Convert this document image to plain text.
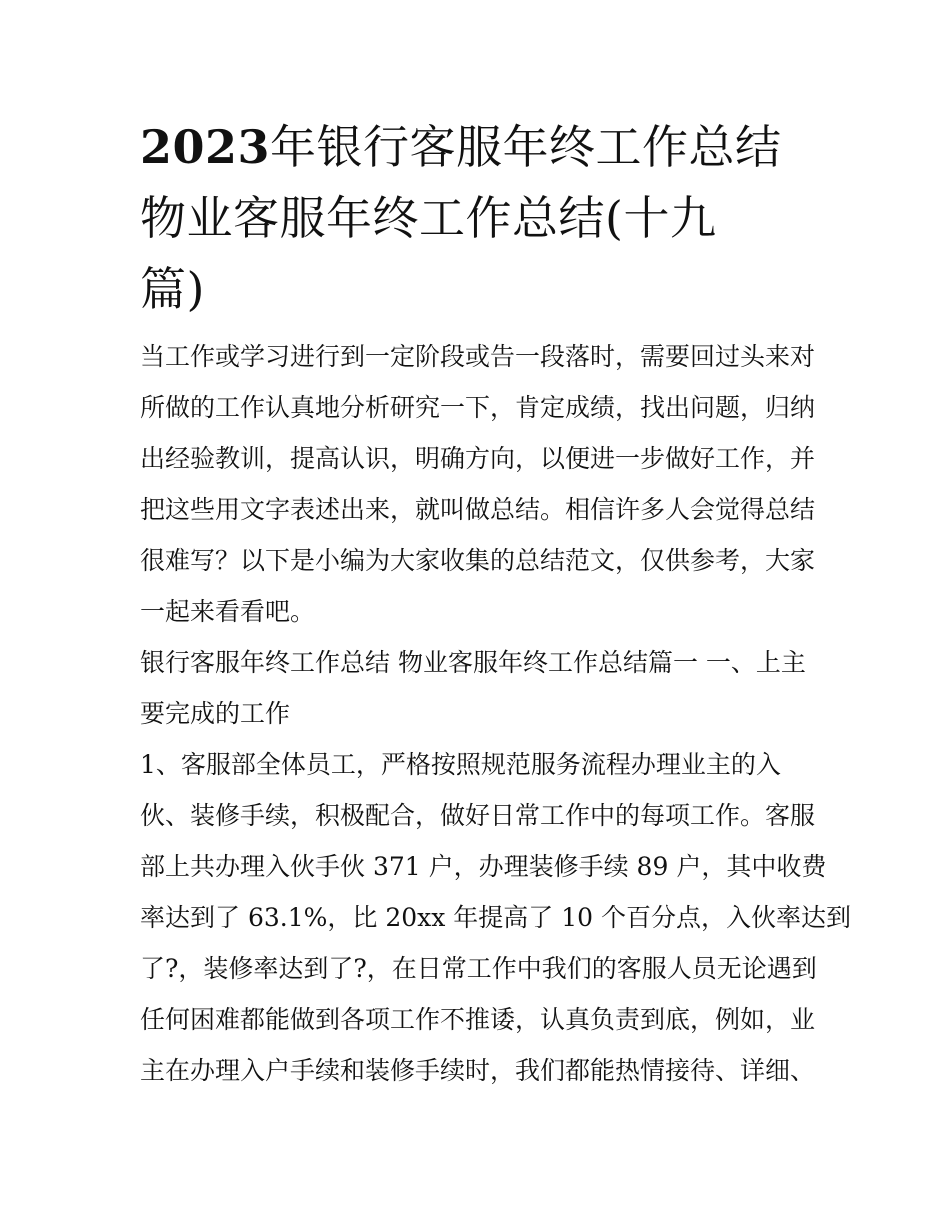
2023年银行客服年终工作总结
物业客服年终工作总结(十九
篇)
当工作或学习进行到一定阶段或告一段落时，需要回过头来对
所做的工作认真地分析研究一下，肯定成绩，找出问题，归纳
出经验教训，提高认识，明确方向，以便进一步做好工作，并
把这些用文字表述出来，就叫做总结。相信许多人会觉得总结
很难写？以下是小编为大家收集的总结范文，仅供参考，大家
一起来看看吧。
银行客服年终工作总结 物业客服年终工作总结篇一 一、上主
要完成的工作
1、客服部全体员工，严格按照规范服务流程办理业主的入
伙、装修手续，积极配合，做好日常工作中的每项工作。客服
部上共办理入伙手伙 371 户，办理装修手续 89 户，其中收费
率达到了 63.1%，比 20xx 年提高了 10 个百分点，入伙率达到
了?，装修率达到了?，在日常工作中我们的客服人员无论遇到
任何困难都能做到各项工作不推诿，认真负责到底，例如，业
主在办理入户手续和装修手续时，我们都能热情接待、详细、
